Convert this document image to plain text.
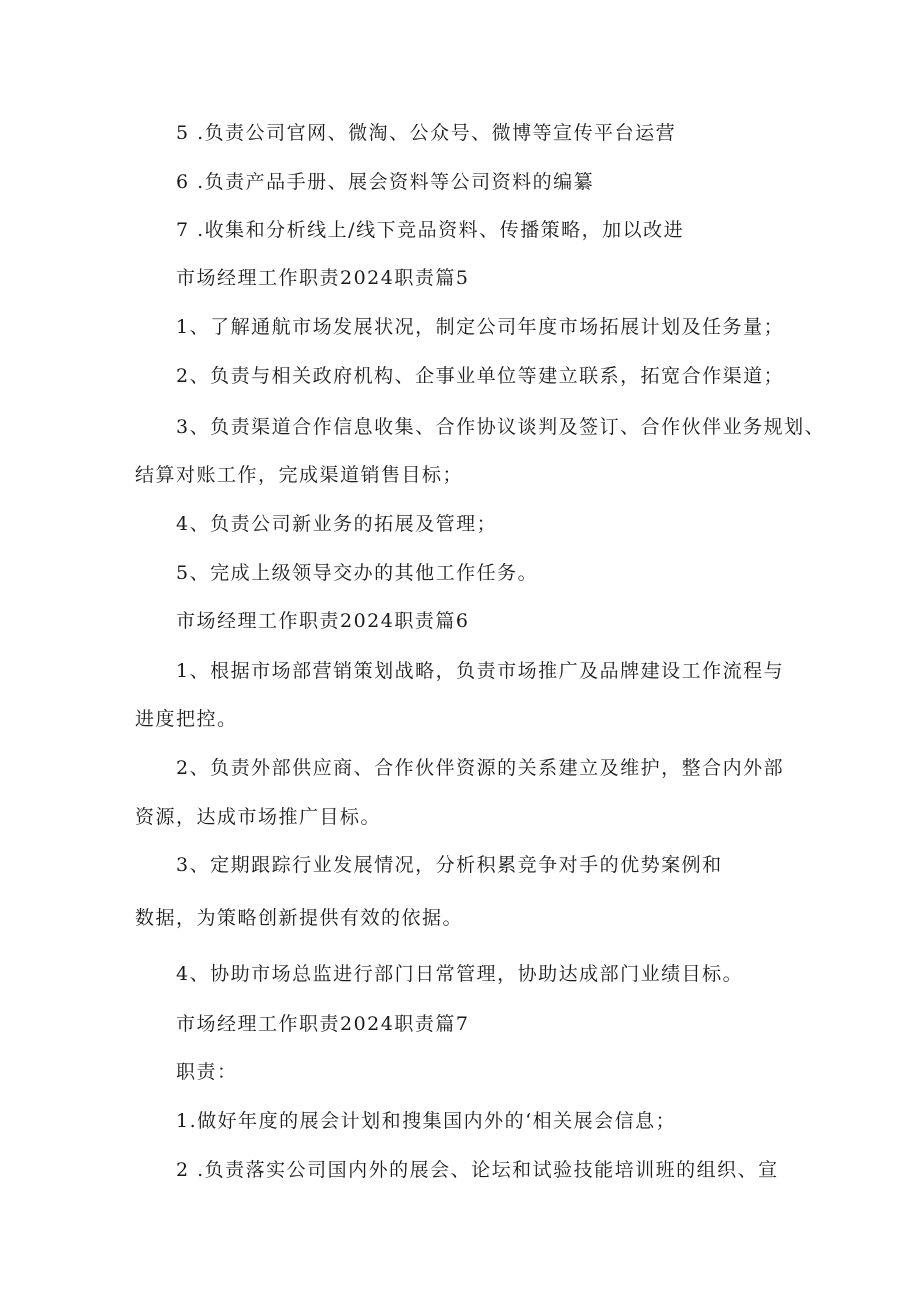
5 .负责公司官网、微淘、公众号、微博等宣传平台运营
6 .负责产品手册、展会资料等公司资料的编纂
7 .收集和分析线上/线下竞品资料、传播策略，加以改进
市场经理工作职责2024职责篇5
1、了解通航市场发展状况，制定公司年度市场拓展计划及任务量；
2、负责与相关政府机构、企事业单位等建立联系，拓宽合作渠道；
3、负责渠道合作信息收集、合作协议谈判及签订、合作伙伴业务规划、
结算对账工作，完成渠道销售目标；
4、负责公司新业务的拓展及管理；
5、完成上级领导交办的其他工作任务。
市场经理工作职责2024职责篇6
1、根据市场部营销策划战略，负责市场推广及品牌建设工作流程与
进度把控。
2、负责外部供应商、合作伙伴资源的关系建立及维护，整合内外部
资源，达成市场推广目标。
3、定期跟踪行业发展情况，分析积累竞争对手的优势案例和
数据，为策略创新提供有效的依据。
4、协助市场总监进行部门日常管理，协助达成部门业绩目标。
市场经理工作职责2024职责篇7
职责：
1.做好年度的展会计划和搜集国内外的‘相关展会信息；
2 .负责落实公司国内外的展会、论坛和试验技能培训班的组织、宣
